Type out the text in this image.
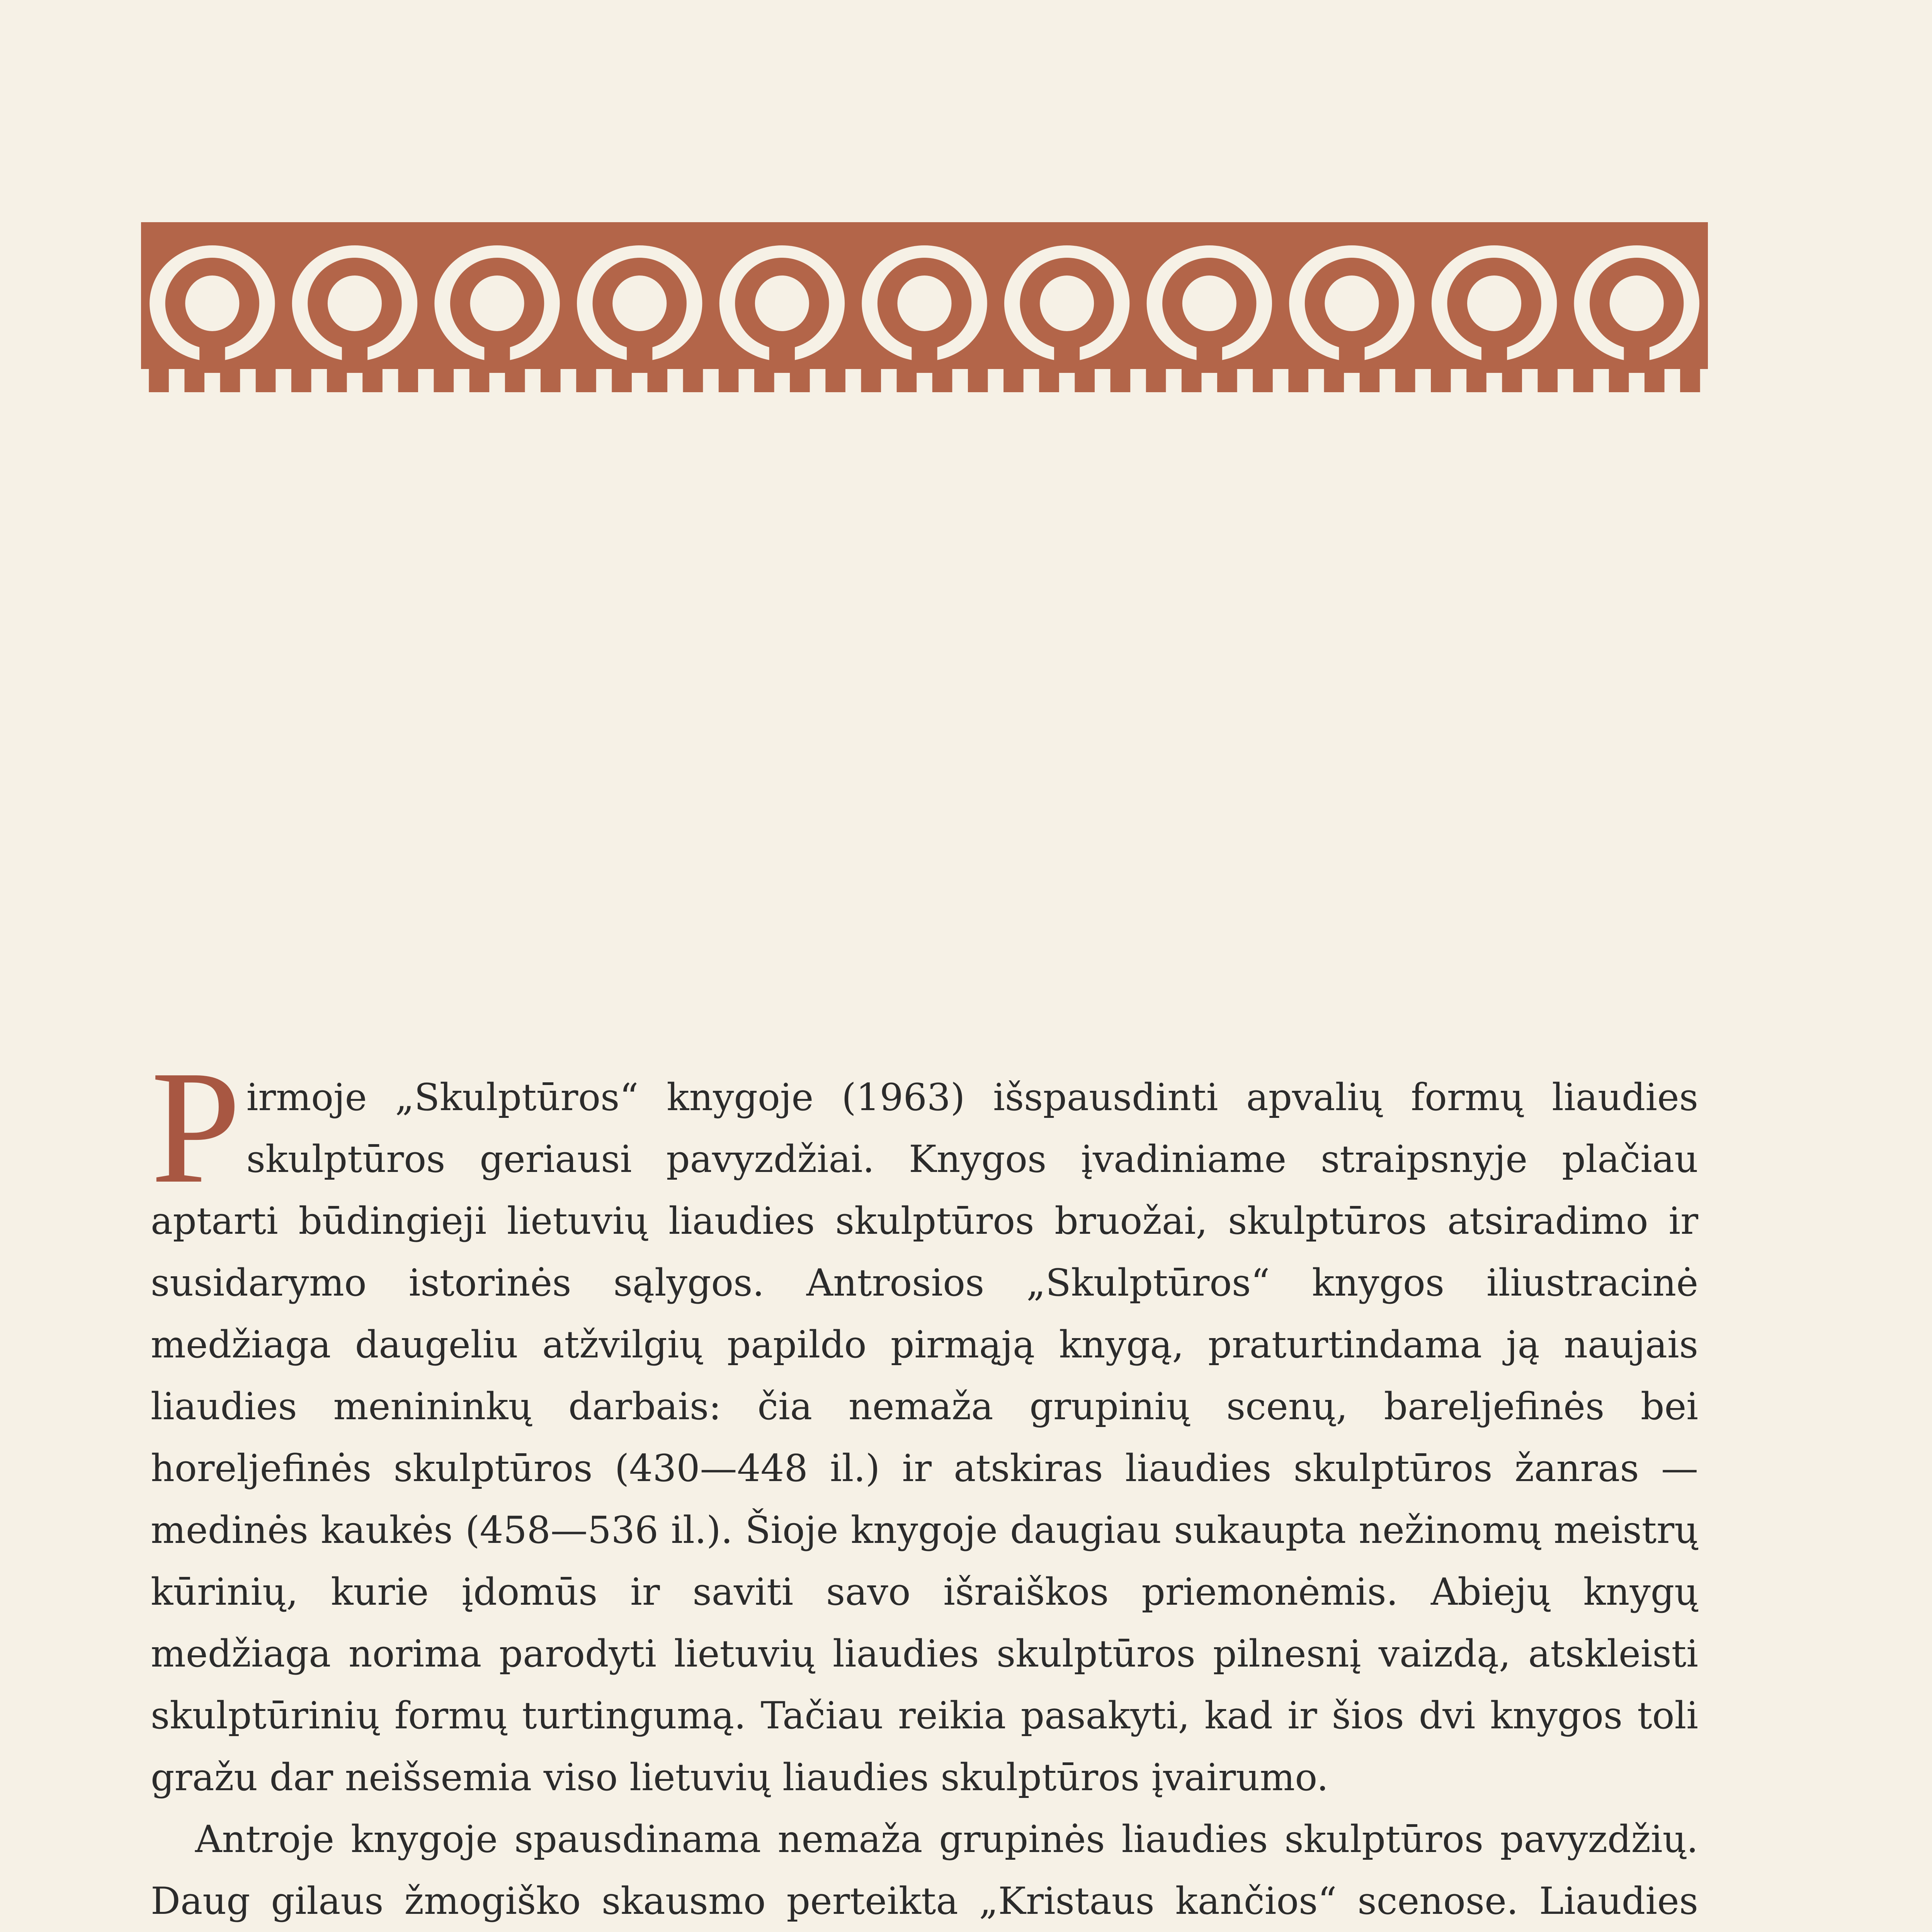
Pirmoje „Skulptūros“ knygoje (1963) išspausdinti apvalių formų liaudies skulptūros geriausi pavyzdžiai. Knygos įvadiniame straipsnyje plačiau aptarti būdingieji lietuvių liaudies skulptūros bruožai, skulptūros atsiradimo ir susidarymo istorinės sąlygos. Antrosios „Skulptūros“ knygos iliustracinė medžiaga daugeliu atžvilgių papildo pirmąją knygą, praturtindama ją naujais liaudies menininkų darbais: čia nemaža grupinių scenų, bareljefinės bei horeljefinės skulptūros (430—448 il.) ir atskiras liaudies skulptūros žanras — medinės kaukės (458—536 il.). Šioje knygoje daugiau sukaupta nežinomų meistrų kūrinių, kurie įdomūs ir saviti savo išraiškos priemonėmis. Abiejų knygų medžiaga norima parodyti lietuvių liaudies skulptūros pilnesnį vaizdą, atskleisti skulptūrinių formų turtingumą. Tačiau reikia pasakyti, kad ir šios dvi knygos toli gražu dar neišsemia viso lietuvių liaudies skulptūros įvairumo.

Antroje knygoje spausdinama nemaža grupinės liaudies skulptūros pavyzdžių. Daug gilaus žmogiško skausmo perteikta „Kristaus kančios“ scenose. Liaudies
